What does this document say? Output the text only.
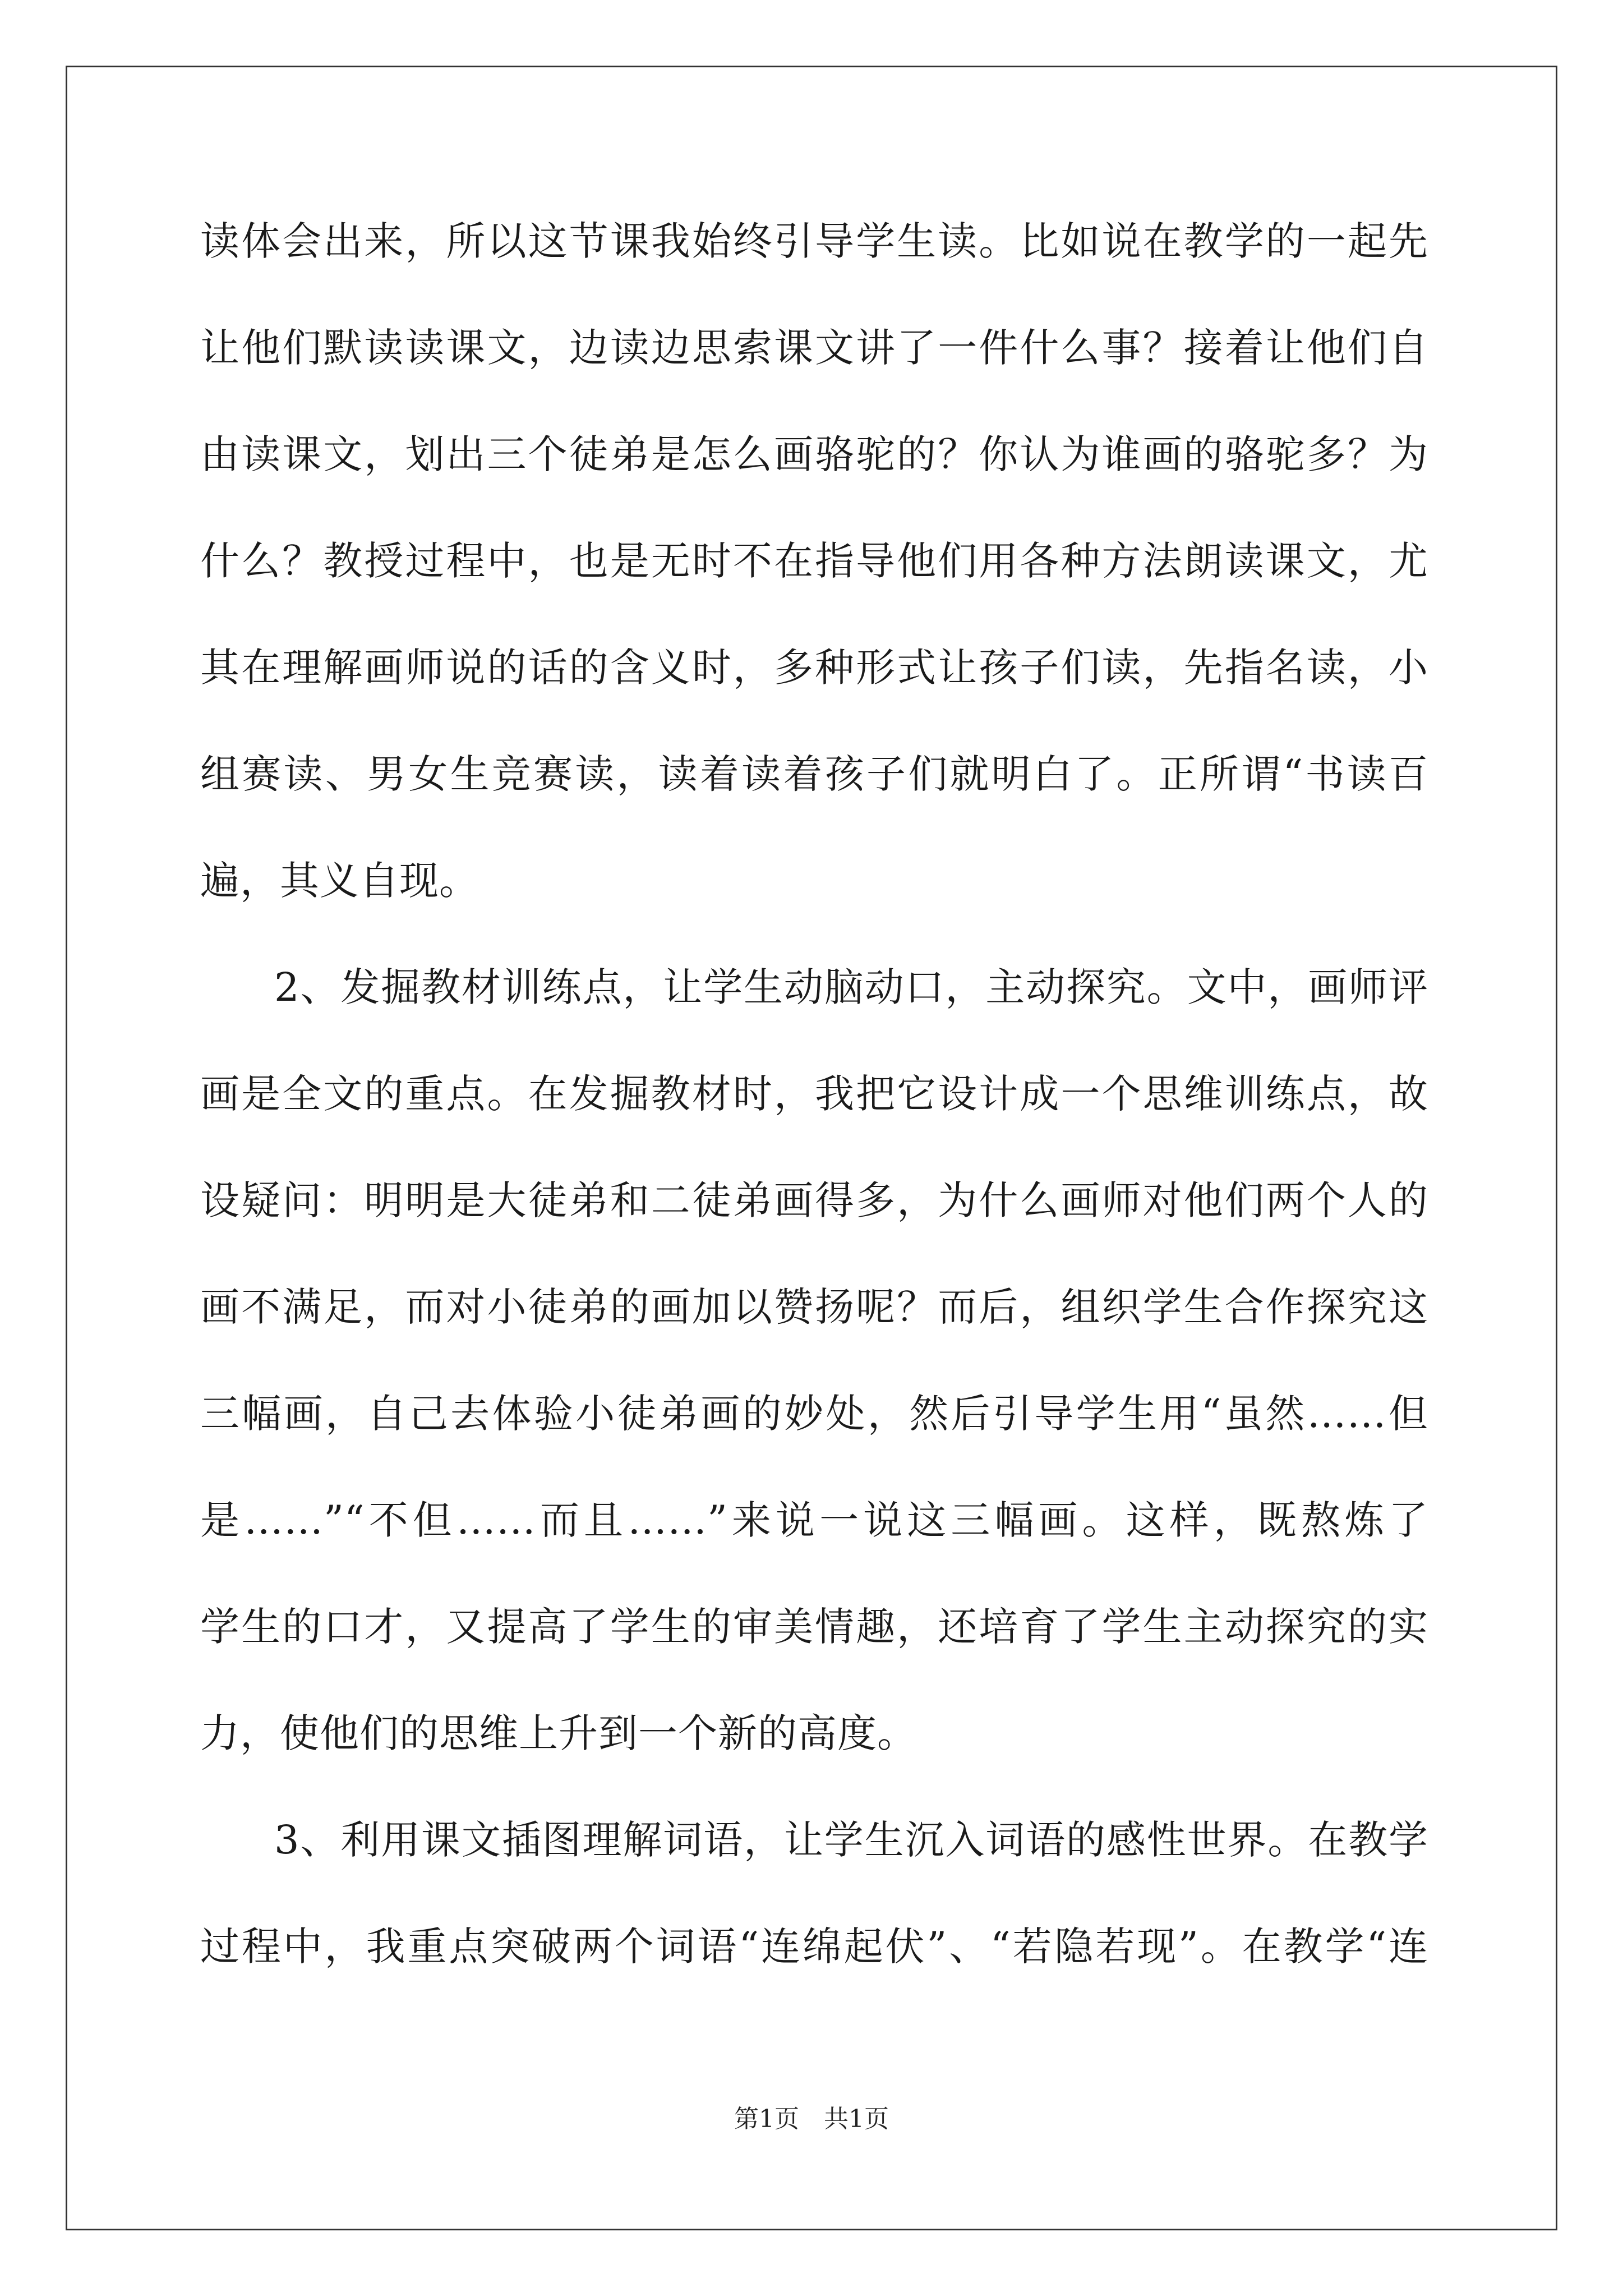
读体会出来，所以这节课我始终引导学生读。比如说在教学的一起先
让他们默读读课文，边读边思索课文讲了一件什么事？接着让他们自
由读课文，划出三个徒弟是怎么画骆驼的？你认为谁画的骆驼多？为
什么？教授过程中，也是无时不在指导他们用各种方法朗读课文，尤
其在理解画师说的话的含义时，多种形式让孩子们读，先指名读，小
组赛读、男女生竞赛读，读着读着孩子们就明白了。正所谓“书读百
遍，其义自现。
2、发掘教材训练点，让学生动脑动口，主动探究。文中，画师评
画是全文的重点。在发掘教材时，我把它设计成一个思维训练点，故
设疑问：明明是大徒弟和二徒弟画得多，为什么画师对他们两个人的
画不满足，而对小徒弟的画加以赞扬呢？而后，组织学生合作探究这
三幅画，自己去体验小徒弟画的妙处，然后引导学生用“虽然……但
是……”“不但……而且……”来说一说这三幅画。这样，既熬炼了
学生的口才，又提高了学生的审美情趣，还培育了学生主动探究的实
力，使他们的思维上升到一个新的高度。
3、利用课文插图理解词语，让学生沉入词语的感性世界。在教学
过程中，我重点突破两个词语“连绵起伏”、“若隐若现”。在教学“连
第1页　共1页
